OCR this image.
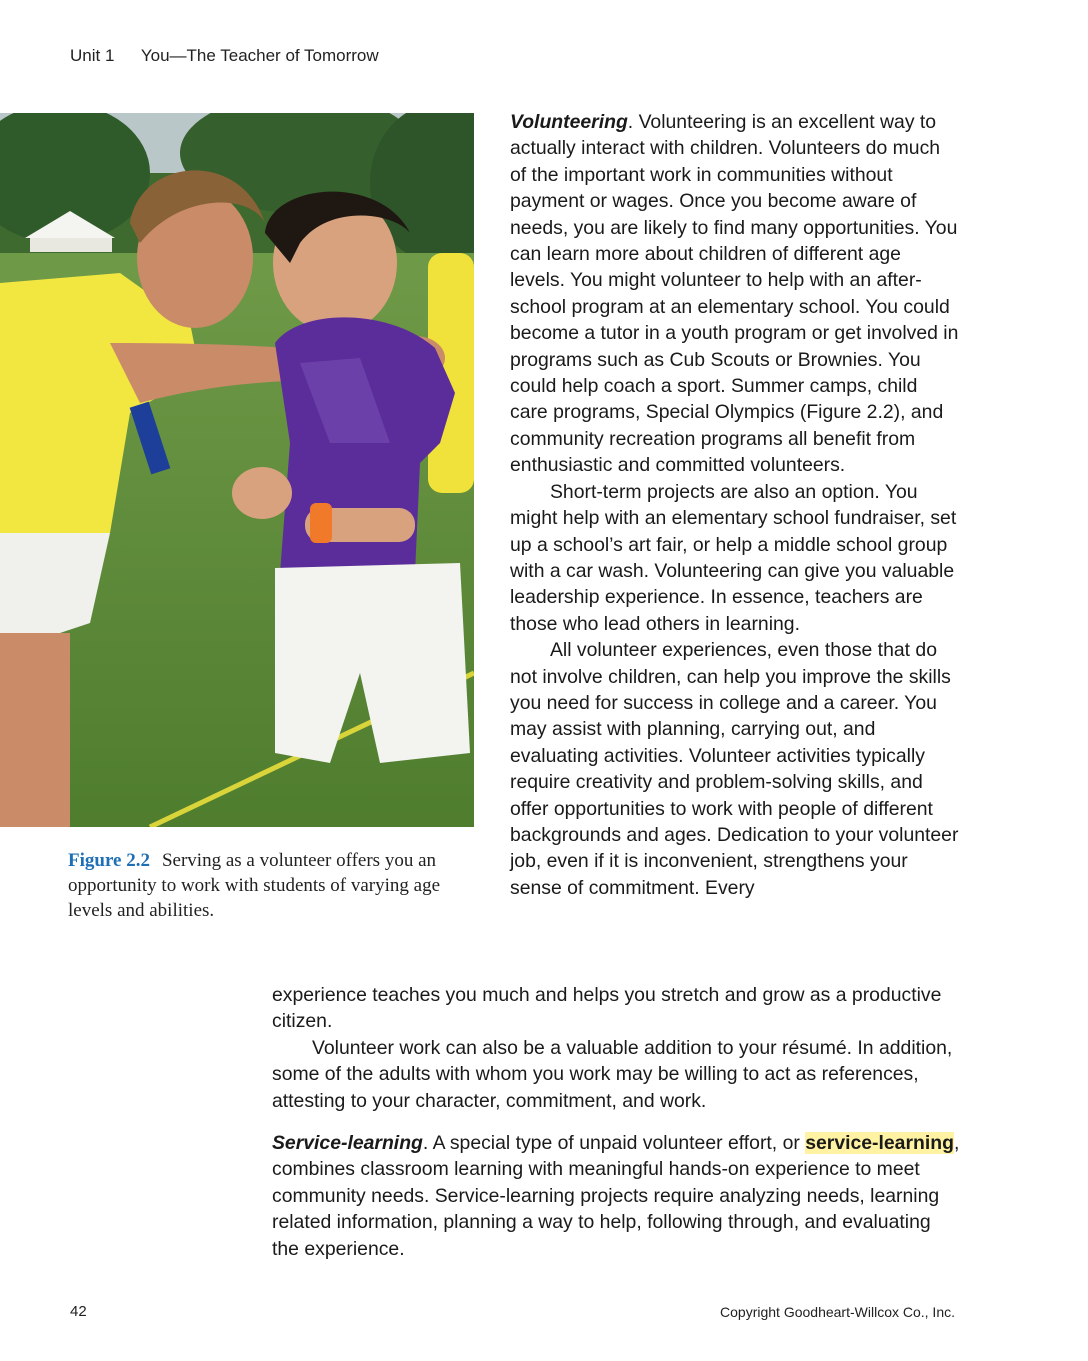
Unit 1 You—The Teacher of Tomorrow
Figure 2.2 Serving as a volunteer offers you an opportunity to work with students of varying age levels and abilities.

Volunteering. Volunteering is an excellent way to actually interact with children. Volunteers do much of the important work in communities without payment or wages. Once you become aware of needs, you are likely to find many opportunities. You can learn more about children of different age levels. You might volunteer to help with an after-school program at an elementary school. You could become a tutor in a youth program or get involved in programs such as Cub Scouts or Brownies. You could help coach a sport. Summer camps, child care programs, Special Olympics (Figure 2.2), and community recreation programs all benefit from enthusiastic and committed volunteers.

Short-term projects are also an option. You might help with an elementary school fundraiser, set up a school’s art fair, or help a middle school group with a car wash. Volunteering can give you valuable leadership experience. In essence, teachers are those who lead others in learning.

All volunteer experiences, even those that do not involve children, can help you improve the skills you need for success in college and a career. You may assist with planning, carrying out, and evaluating activities. Volunteer activities typically require creativity and problem-solving skills, and offer opportunities to work with people of different backgrounds and ages. Dedication to your volunteer job, even if it is inconvenient, strengthens your sense of commitment. Every

experience teaches you much and helps you stretch and grow as a productive citizen.

Volunteer work can also be a valuable addition to your résumé. In addition, some of the adults with whom you work may be willing to act as references, attesting to your character, commitment, and work.

Service-learning. A special type of unpaid volunteer effort, or service-learning, combines classroom learning with meaningful hands-on experience to meet community needs. Service-learning projects require analyzing needs, learning related information, planning a way to help, following through, and evaluating the experience.

42	Copyright Goodheart-Willcox Co., Inc.
